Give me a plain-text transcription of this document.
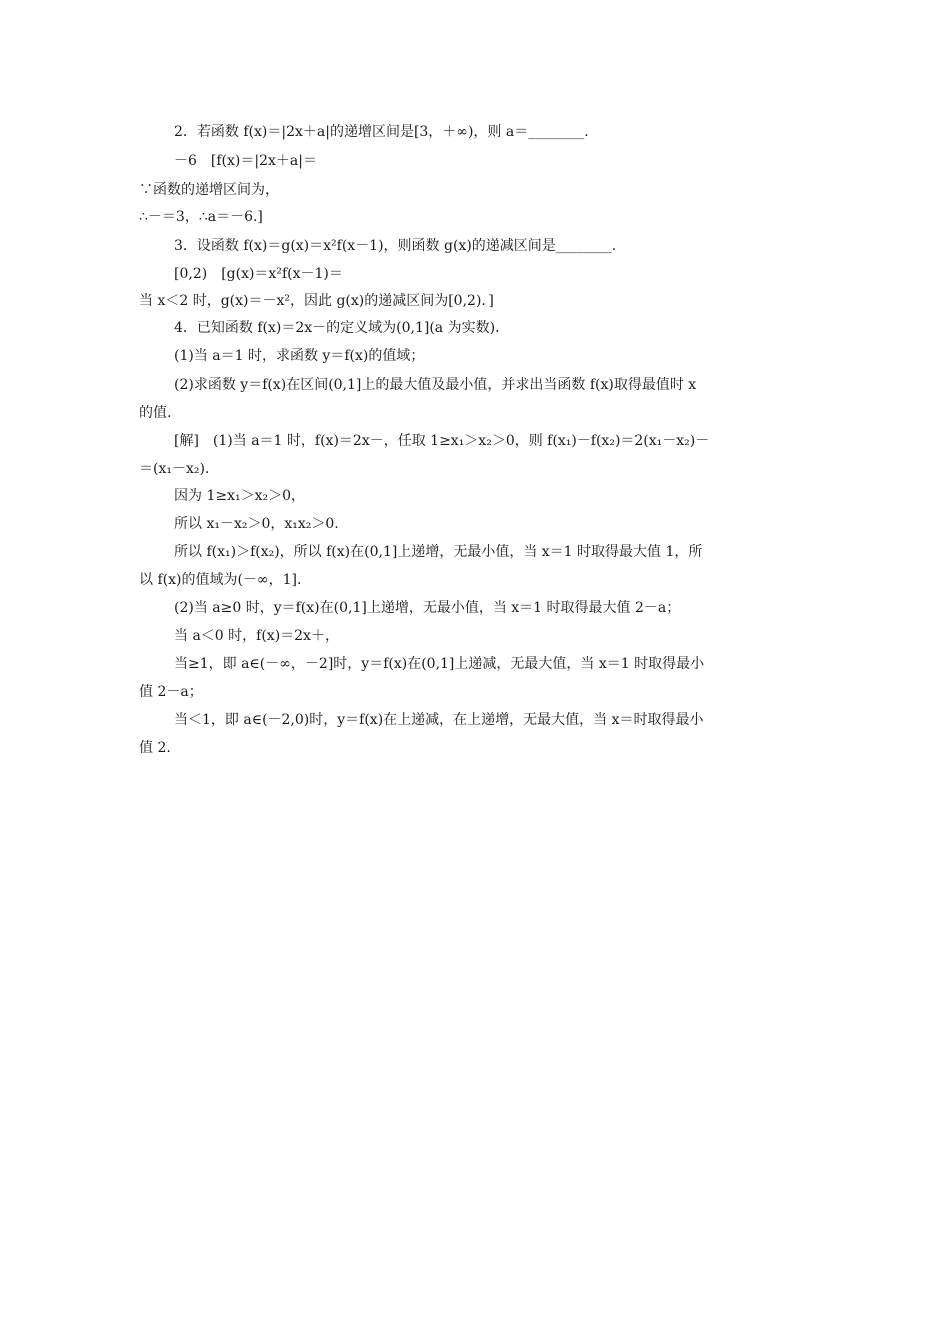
2．若函数 f(x)＝|2x＋a|的递增区间是[3，＋∞)，则 a＝________.
－6　[f(x)＝|2x＋a|＝
∵函数的递增区间为，
∴－＝3，∴a＝－6.]
3．设函数 f(x)＝g(x)＝x²f(x－1)，则函数 g(x)的递减区间是________.
[0,2)　[g(x)＝x²f(x－1)＝
当 x＜2 时，g(x)＝－x²，因此 g(x)的递减区间为[0,2)．]
4．已知函数 f(x)＝2x－的定义域为(0,1](a 为实数)．
(1)当 a＝1 时，求函数 y＝f(x)的值域；
(2)求函数 y＝f(x)在区间(0,1]上的最大值及最小值，并求出当函数 f(x)取得最值时 x
的值.
[解]　(1)当 a＝1 时，f(x)＝2x－，任取 1≥x₁＞x₂＞0，则 f(x₁)－f(x₂)＝2(x₁－x₂)－
＝(x₁－x₂)．
因为 1≥x₁＞x₂＞0，
所以 x₁－x₂＞0，x₁x₂＞0.
所以 f(x₁)＞f(x₂)，所以 f(x)在(0,1]上递增，无最小值，当 x＝1 时取得最大值 1，所
以 f(x)的值域为(－∞，1]．
(2)当 a≥0 时，y＝f(x)在(0,1]上递增，无最小值，当 x＝1 时取得最大值 2－a；
当 a＜0 时，f(x)＝2x＋，
当≥1，即 a∈(－∞，－2]时，y＝f(x)在(0,1]上递减，无最大值，当 x＝1 时取得最小
值 2－a；
当＜1，即 a∈(－2,0)时，y＝f(x)在上递减，在上递增，无最大值，当 x＝时取得最小
值 2.
